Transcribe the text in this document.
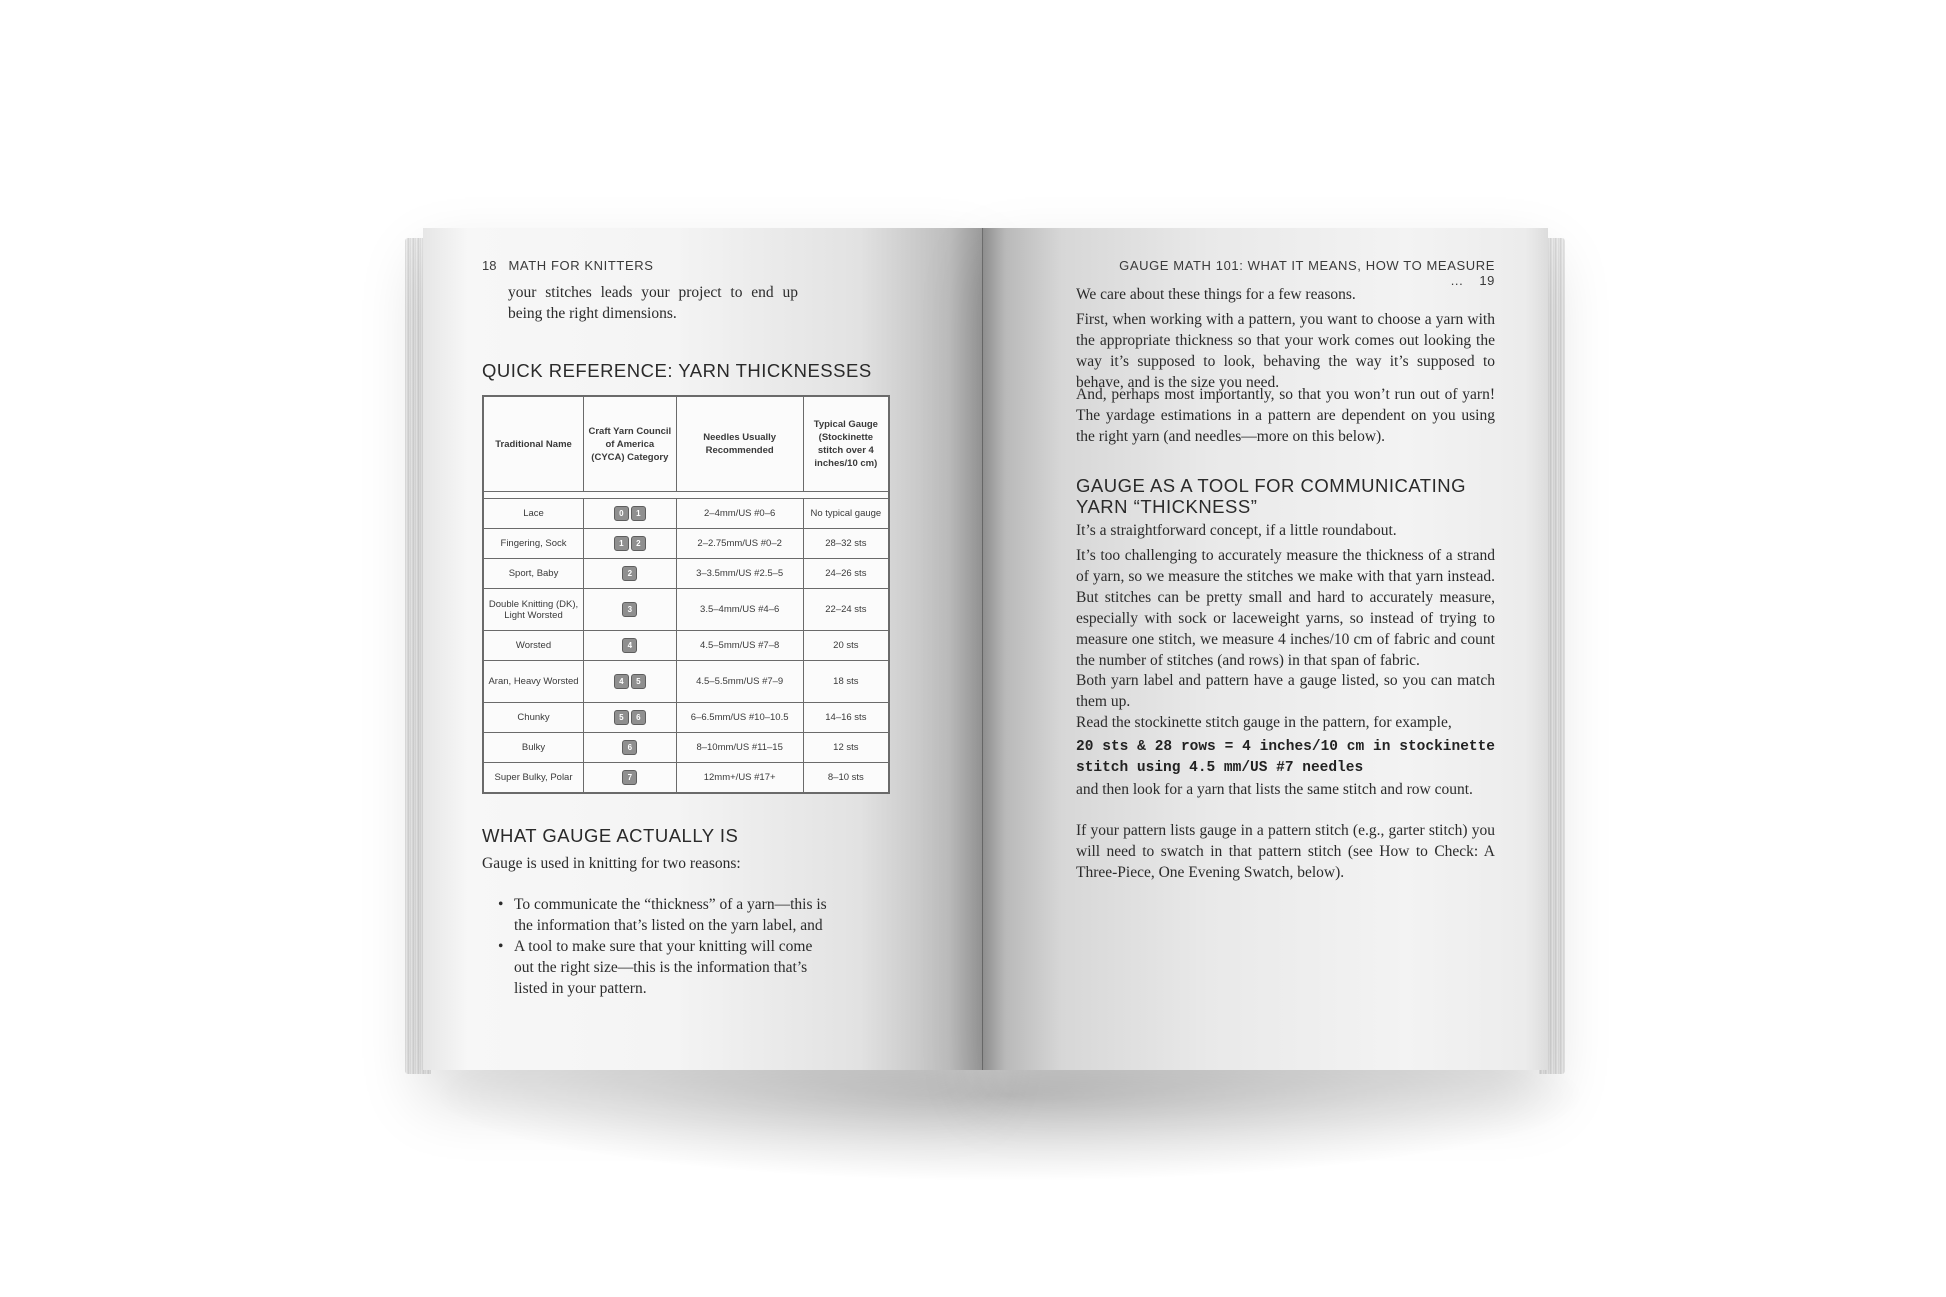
18 MATH FOR KNITTERS
your stitches leads your project to end up being the right dimensions.
QUICK REFERENCE: YARN THICKNESSES
Traditional Name	Craft Yarn Council of America (CYCA) Category	Needles Usually Recommended	Typical Gauge (Stockinette stitch over 4 inches/10 cm)

Lace	0 1	2–4mm/US #0–6	No typical gauge
Fingering, Sock	1 2	2–2.75mm/US #0–2	28–32 sts
Sport, Baby	2	3–3.5mm/US #2.5–5	24–26 sts
Double Knitting (DK), Light Worsted	3	3.5–4mm/US #4–6	22–24 sts
Worsted	4	4.5–5mm/US #7–8	20 sts
Aran, Heavy Worsted	4 5	4.5–5.5mm/US #7–9	18 sts
Chunky	5 6	6–6.5mm/US #10–10.5	14–16 sts
Bulky	6	8–10mm/US #11–15	12 sts
Super Bulky, Polar	7	12mm+/US #17+	8–10 sts
WHAT GAUGE ACTUALLY IS
Gauge is used in knitting for two reasons:
• To communicate the “thickness” of a yarn—this is the information that’s listed on the yarn label, and
• A tool to make sure that your knitting will come out the right size—this is the information that’s listed in your pattern.
GAUGE MATH 101: WHAT IT MEANS, HOW TO MEASURE ... 19
We care about these things for a few reasons.
First, when working with a pattern, you want to choose a yarn with the appropriate thickness so that your work comes out looking the way it’s supposed to look, behaving the way it’s supposed to behave, and is the size you need.
And, perhaps most importantly, so that you won’t run out of yarn! The yardage estimations in a pattern are dependent on you using the right yarn (and needles—more on this below).
GAUGE AS A TOOL FOR COMMUNICATING YARN “THICKNESS”
It’s a straightforward concept, if a little roundabout.
It’s too challenging to accurately measure the thickness of a strand of yarn, so we measure the stitches we make with that yarn instead. But stitches can be pretty small and hard to accurately measure, especially with sock or laceweight yarns, so instead of trying to measure one stitch, we measure 4 inches/10 cm of fabric and count the number of stitches (and rows) in that span of fabric.
Both yarn label and pattern have a gauge listed, so you can match them up.
Read the stockinette stitch gauge in the pattern, for example,
20 sts & 28 rows = 4 inches/10 cm in stockinette stitch using 4.5 mm/US #7 needles
and then look for a yarn that lists the same stitch and row count.
If your pattern lists gauge in a pattern stitch (e.g., garter stitch) you will need to swatch in that pattern stitch (see How to Check: A Three-Piece, One Evening Swatch, below).
